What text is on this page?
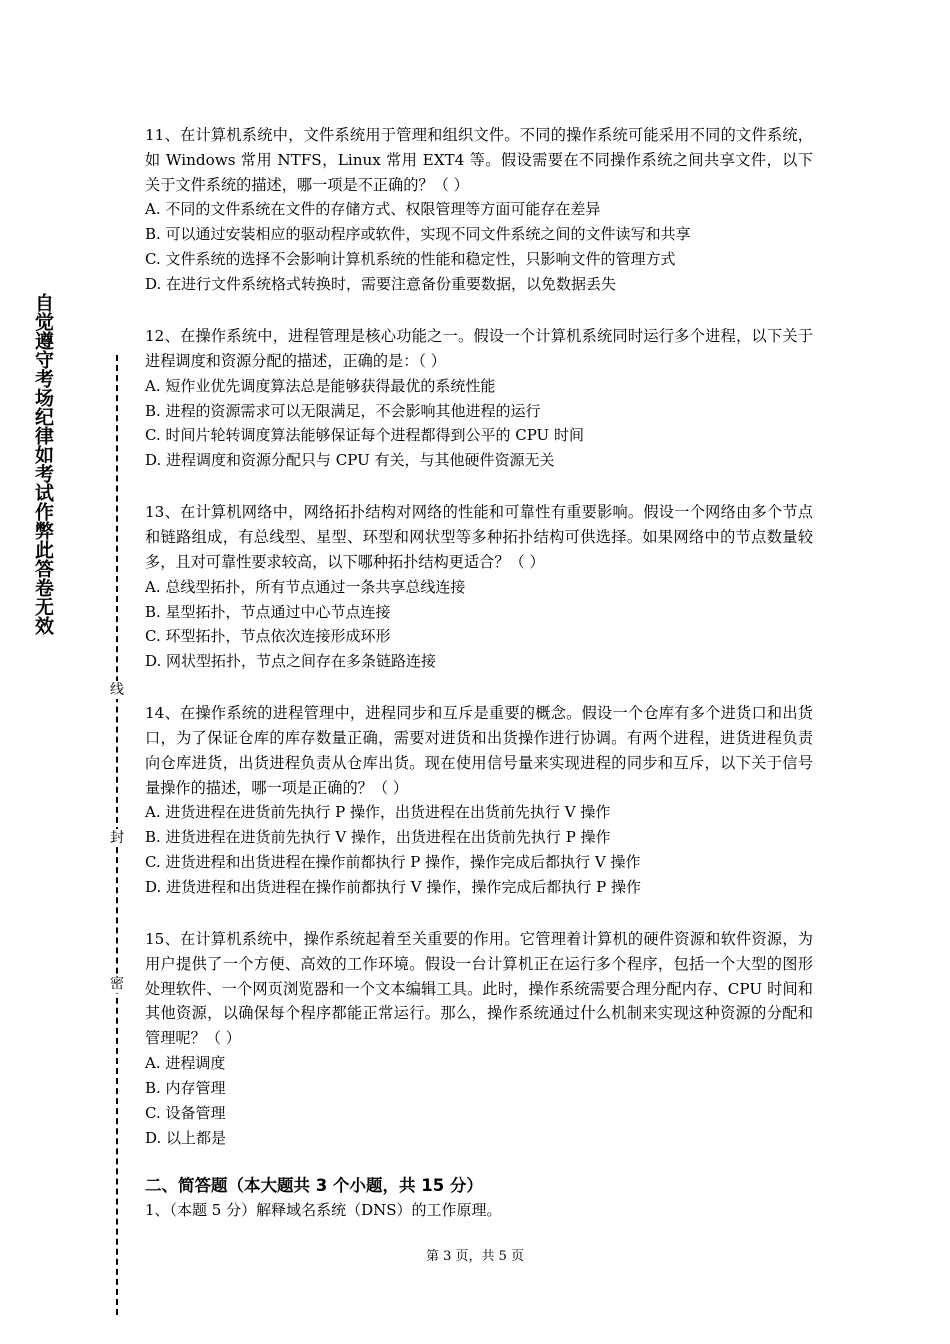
自觉遵守考场纪律如考试作弊此答卷无效
线
封
密
11、在计算机系统中，文件系统用于管理和组织文件。不同的操作系统可能采用不同的文件系统，如 Windows 常用 NTFS，Linux 常用 EXT4 等。假设需要在不同操作系统之间共享文件，以下关于文件系统的描述，哪一项是不正确的？（ ）
A. 不同的文件系统在文件的存储方式、权限管理等方面可能存在差异
B. 可以通过安装相应的驱动程序或软件，实现不同文件系统之间的文件读写和共享
C. 文件系统的选择不会影响计算机系统的性能和稳定性，只影响文件的管理方式
D. 在进行文件系统格式转换时，需要注意备份重要数据，以免数据丢失
12、在操作系统中，进程管理是核心功能之一。假设一个计算机系统同时运行多个进程，以下关于进程调度和资源分配的描述，正确的是：（ ）
A. 短作业优先调度算法总是能够获得最优的系统性能
B. 进程的资源需求可以无限满足，不会影响其他进程的运行
C. 时间片轮转调度算法能够保证每个进程都得到公平的 CPU 时间
D. 进程调度和资源分配只与 CPU 有关，与其他硬件资源无关
13、在计算机网络中，网络拓扑结构对网络的性能和可靠性有重要影响。假设一个网络由多个节点和链路组成，有总线型、星型、环型和网状型等多种拓扑结构可供选择。如果网络中的节点数量较多，且对可靠性要求较高，以下哪种拓扑结构更适合？（ ）
A. 总线型拓扑，所有节点通过一条共享总线连接
B. 星型拓扑，节点通过中心节点连接
C. 环型拓扑，节点依次连接形成环形
D. 网状型拓扑，节点之间存在多条链路连接
14、在操作系统的进程管理中，进程同步和互斥是重要的概念。假设一个仓库有多个进货口和出货口，为了保证仓库的库存数量正确，需要对进货和出货操作进行协调。有两个进程，进货进程负责向仓库进货，出货进程负责从仓库出货。现在使用信号量来实现进程的同步和互斥，以下关于信号量操作的描述，哪一项是正确的？（ ）
A. 进货进程在进货前先执行 P 操作，出货进程在出货前先执行 V 操作
B. 进货进程在进货前先执行 V 操作，出货进程在出货前先执行 P 操作
C. 进货进程和出货进程在操作前都执行 P 操作，操作完成后都执行 V 操作
D. 进货进程和出货进程在操作前都执行 V 操作，操作完成后都执行 P 操作
15、在计算机系统中，操作系统起着至关重要的作用。它管理着计算机的硬件资源和软件资源，为用户提供了一个方便、高效的工作环境。假设一台计算机正在运行多个程序，包括一个大型的图形处理软件、一个网页浏览器和一个文本编辑工具。此时，操作系统需要合理分配内存、CPU 时间和其他资源，以确保每个程序都能正常运行。那么，操作系统通过什么机制来实现这种资源的分配和管理呢？（ ）
A. 进程调度
B. 内存管理
C. 设备管理
D. 以上都是
二、简答题（本大题共 3 个小题，共 15 分）
1、（本题 5 分）解释域名系统（DNS）的工作原理。
第 3 页，共 5 页
